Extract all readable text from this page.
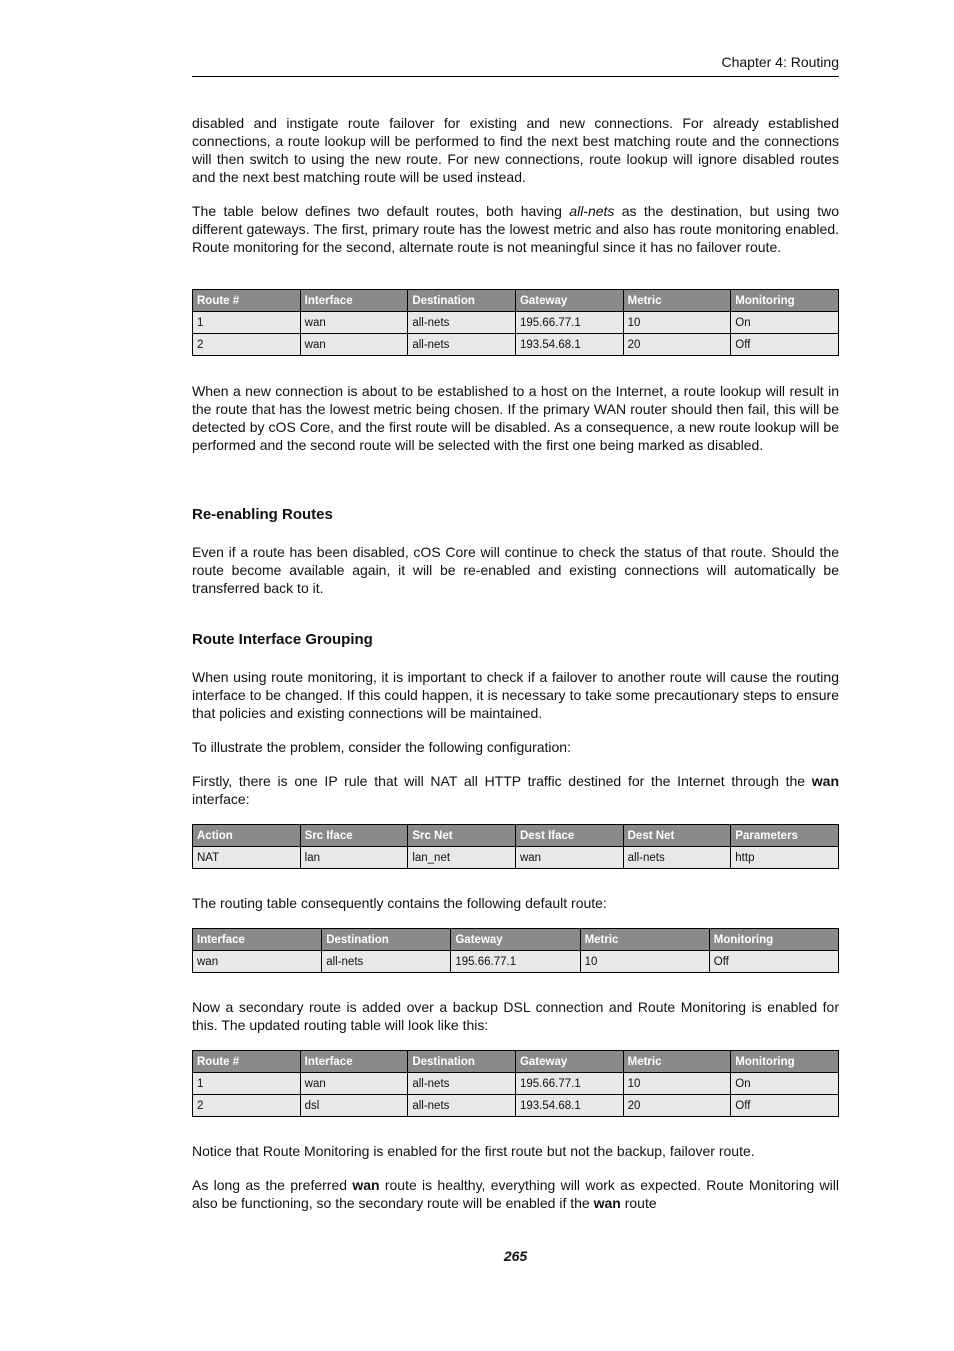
Chapter 4: Routing

disabled and instigate route failover for existing and new connections. For already established connections, a route lookup will be performed to find the next best matching route and the connections will then switch to using the new route. For new connections, route lookup will ignore disabled routes and the next best matching route will be used instead.

The table below defines two default routes, both having all-nets as the destination, but using two different gateways. The first, primary route has the lowest metric and also has route monitoring enabled. Route monitoring for the second, alternate route is not meaningful since it has no failover route.

Route #	Interface	Destination	Gateway	Metric	Monitoring
1	wan	all-nets	195.66.77.1	10	On
2	wan	all-nets	193.54.68.1	20	Off

When a new connection is about to be established to a host on the Internet, a route lookup will result in the route that has the lowest metric being chosen. If the primary WAN router should then fail, this will be detected by cOS Core, and the first route will be disabled. As a consequence, a new route lookup will be performed and the second route will be selected with the first one being marked as disabled.

Re-enabling Routes

Even if a route has been disabled, cOS Core will continue to check the status of that route. Should the route become available again, it will be re-enabled and existing connections will automatically be transferred back to it.

Route Interface Grouping

When using route monitoring, it is important to check if a failover to another route will cause the routing interface to be changed. If this could happen, it is necessary to take some precautionary steps to ensure that policies and existing connections will be maintained.

To illustrate the problem, consider the following configuration:

Firstly, there is one IP rule that will NAT all HTTP traffic destined for the Internet through the wan interface:

Action	Src Iface	Src Net	Dest Iface	Dest Net	Parameters
NAT	lan	lan_net	wan	all-nets	http

The routing table consequently contains the following default route:

Interface	Destination	Gateway	Metric	Monitoring
wan	all-nets	195.66.77.1	10	Off

Now a secondary route is added over a backup DSL connection and Route Monitoring is enabled for this. The updated routing table will look like this:

Route #	Interface	Destination	Gateway	Metric	Monitoring
1	wan	all-nets	195.66.77.1	10	On
2	dsl	all-nets	193.54.68.1	20	Off

Notice that Route Monitoring is enabled for the first route but not the backup, failover route.

As long as the preferred wan route is healthy, everything will work as expected. Route Monitoring will also be functioning, so the secondary route will be enabled if the wan route

265
